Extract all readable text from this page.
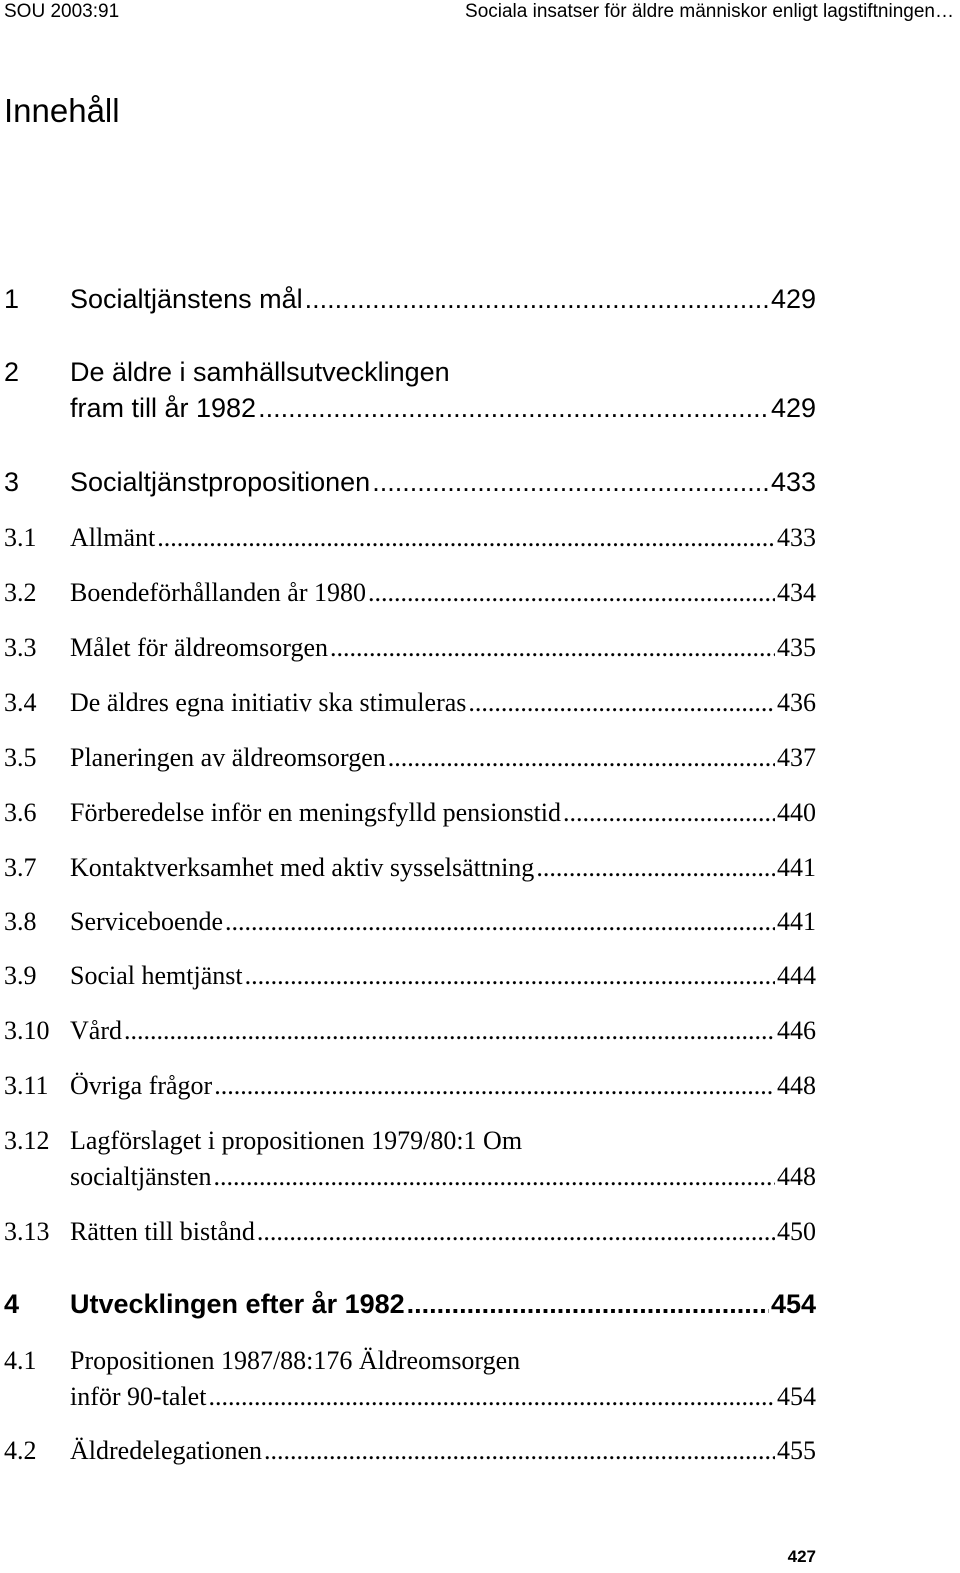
SOU 2003:91	Sociala insatser för äldre människor enligt lagstiftningen…
Innehåll
1	Socialtjänstens mål .....	429
2	De äldre i samhällsutvecklingen
fram till år 1982 .....	429
3	Socialtjänstpropositionen .....	433
3.1	Allmänt .....	433
3.2	Boendeförhållanden år 1980 .....	434
3.3	Målet för äldreomsorgen .....	435
3.4	De äldres egna initiativ ska stimuleras .....	436
3.5	Planeringen av äldreomsorgen .....	437
3.6	Förberedelse inför en meningsfylld pensionstid .....	440
3.7	Kontaktverksamhet med aktiv sysselsättning .....	441
3.8	Serviceboende .....	441
3.9	Social hemtjänst .....	444
3.10 Vård .....	446
3.11 Övriga frågor .....	448
3.12 Lagförslaget i propositionen 1979/80:1 Om
socialtjänsten .....	448
3.13 Rätten till bistånd .....	450
4	Utvecklingen efter år 1982 .....	454
4.1	Propositionen 1987/88:176 Äldreomsorgen
inför 90-talet .....	454
4.2	Äldredelegationen .....	455
427
